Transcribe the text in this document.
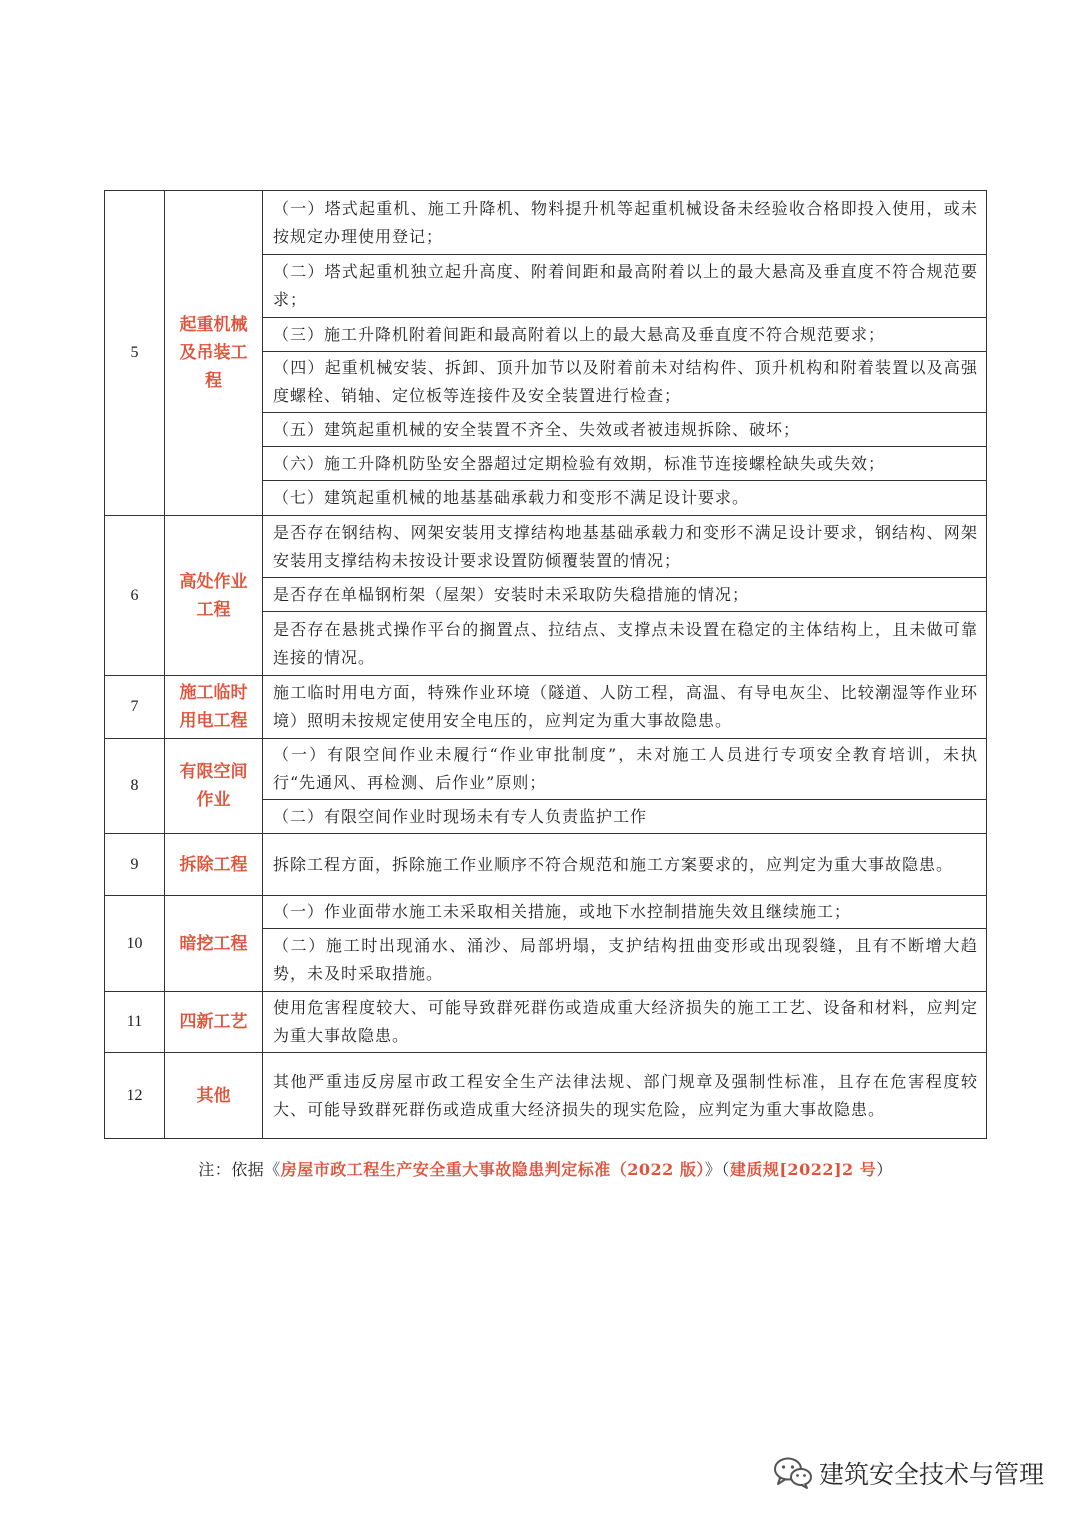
5	起重机械及吊装工程	（一）塔式起重机、施工升降机、物料提升机等起重机械设备未经验收合格即投入使用，或未按规定办理使用登记；
		（二）塔式起重机独立起升高度、附着间距和最高附着以上的最大悬高及垂直度不符合规范要求；
		（三）施工升降机附着间距和最高附着以上的最大悬高及垂直度不符合规范要求；
		（四）起重机械安装、拆卸、顶升加节以及附着前未对结构件、顶升机构和附着装置以及高强度螺栓、销轴、定位板等连接件及安全装置进行检查；
		（五）建筑起重机械的安全装置不齐全、失效或者被违规拆除、破坏；
		（六）施工升降机防坠安全器超过定期检验有效期，标准节连接螺栓缺失或失效；
		（七）建筑起重机械的地基基础承载力和变形不满足设计要求。
6	高处作业工程	是否存在钢结构、网架安装用支撑结构地基基础承载力和变形不满足设计要求，钢结构、网架安装用支撑结构未按设计要求设置防倾覆装置的情况；
		是否存在单榀钢桁架（屋架）安装时未采取防失稳措施的情况；
		是否存在悬挑式操作平台的搁置点、拉结点、支撑点未设置在稳定的主体结构上，且未做可靠连接的情况。
7	施工临时用电工程	施工临时用电方面，特殊作业环境（隧道、人防工程，高温、有导电灰尘、比较潮湿等作业环境）照明未按规定使用安全电压的，应判定为重大事故隐患。
8	有限空间作业	（一）有限空间作业未履行“作业审批制度”，未对施工人员进行专项安全教育培训，未执行“先通风、再检测、后作业”原则；
		（二）有限空间作业时现场未有专人负责监护工作
9	拆除工程	拆除工程方面，拆除施工作业顺序不符合规范和施工方案要求的，应判定为重大事故隐患。
10	暗挖工程	（一）作业面带水施工未采取相关措施，或地下水控制措施失效且继续施工；
		（二）施工时出现涌水、涌沙、局部坍塌，支护结构扭曲变形或出现裂缝，且有不断增大趋势，未及时采取措施。
11	四新工艺	使用危害程度较大、可能导致群死群伤或造成重大经济损失的施工工艺、设备和材料，应判定为重大事故隐患。
12	其他	其他严重违反房屋市政工程安全生产法律法规、部门规章及强制性标准，且存在危害程度较大、可能导致群死群伤或造成重大经济损失的现实危险，应判定为重大事故隐患。
注：依据《房屋市政工程生产安全重大事故隐患判定标准（2022 版）》（建质规[2022]2 号）
建筑安全技术与管理
